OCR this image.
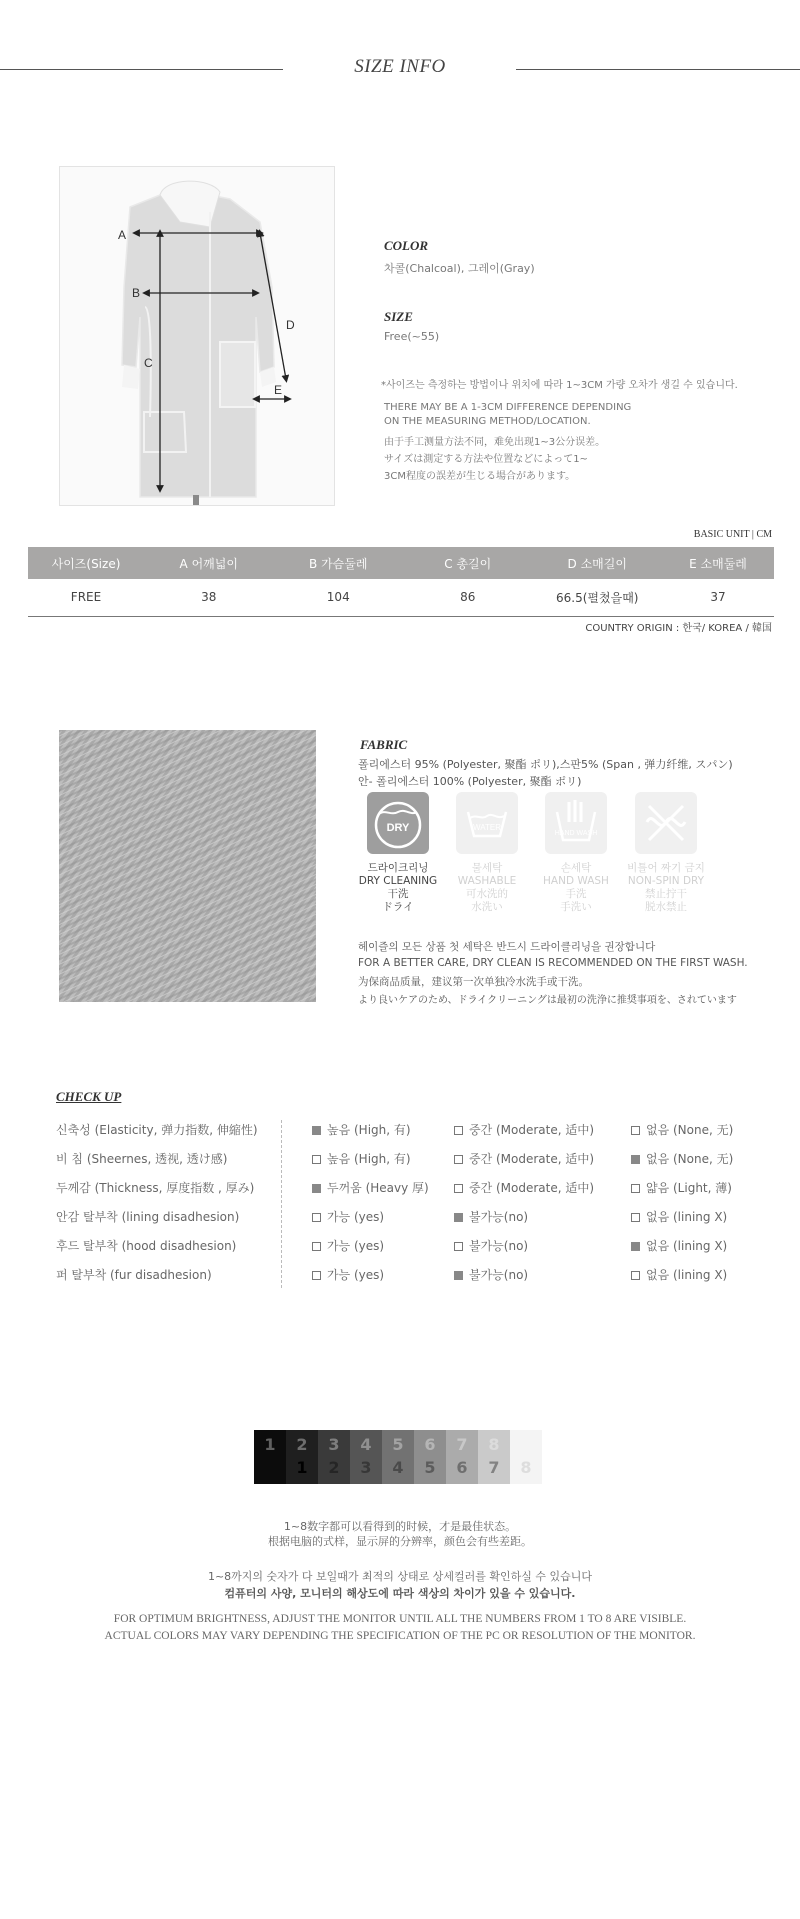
SIZE INFO
A
B
C
D
E
COLOR
차콜(Chalcoal), 그레이(Gray)
SIZE
Free(~55)
*사이즈는 측정하는 방법이나 위치에 따라 1~3CM 가량 오차가 생길 수 있습니다.
THERE MAY BE A 1-3CM DIFFERENCE DEPENDING
ON THE MEASURING METHOD/LOCATION.
由于手工测量方法不同，难免出现1~3公分误差。
サイズは測定する方法や位置などによって1~
3CM程度の誤差が生じる場合があります。
BASIC UNIT | CM
사이즈(Size)	A 어깨넓이	B 가슴둘레	C 총길이	D 소매길이	E 소매둘레
FREE	38	104	86	66.5(펼쳤을때)	37
COUNTRY ORIGIN : 한국/ KOREA / 韓国
FABRIC
폴리에스터 95% (Polyester, 聚酯 ポリ),스판5% (Span , 弹力纤维, スパン)
안- 폴리에스터 100% (Polyester, 聚酯 ポリ)
DRY
드라이크리닝
DRY CLEANING
干洗
ドライ
WATER
물세탁
WASHABLE
可水洗的
水洗い
HAND WASH
손세탁
HAND WASH
手洗
手洗い
비틀어 짜기 금지
NON-SPIN DRY
禁止拧干
脱水禁止
헤이즐의 모든 상품 첫 세탁은 반드시 드라이클리닝을 권장합니다
FOR A BETTER CARE, DRY CLEAN IS RECOMMENDED ON THE FIRST WASH.
为保商品质量，建议第一次单独冷水洗手或干洗。
より良いケアのため、ドライクリーニングは最初の洗浄に推奨事項を、されています
CHECK UP
신축성 (Elasticity, 弹力指数, 伸縮性)	높음 (High, 有)	중간 (Moderate, 适中)	없음 (None, 无)
비 침 (Sheernes, 透视, 透け感)	높음 (High, 有)	중간 (Moderate, 适中)	없음 (None, 无)
두께감 (Thickness, 厚度指数 , 厚み)	두꺼움 (Heavy 厚)	중간 (Moderate, 适中)	얇음 (Light, 薄)
안감 탈부착 (lining disadhesion)	가능 (yes)	불가능(no)	없음 (lining X)
후드 탈부착 (hood disadhesion)	가능 (yes)	불가능(no)	없음 (lining X)
퍼 탈부착 (fur disadhesion)	가능 (yes)	불가능(no)	없음 (lining X)
1	2
1
3
2
4
3
5
4
6
5
7
6
8
7	8
1~8数字都可以看得到的时候，才是最佳状态。
根据电脑的式样，显示屏的分辨率，颜色会有些差距。
1~8까지의 숫자가 다 보일때가 최적의 상태로 상세컬러를 확인하실 수 있습니다
컴퓨터의 사양, 모니터의 해상도에 따라 색상의 차이가 있을 수 있습니다.
FOR OPTIMUM BRIGHTNESS, ADJUST THE MONITOR UNTIL ALL THE NUMBERS FROM 1 TO 8 ARE VISIBLE.
ACTUAL COLORS MAY VARY DEPENDING THE SPECIFICATION OF THE PC OR RESOLUTION OF THE MONITOR.
